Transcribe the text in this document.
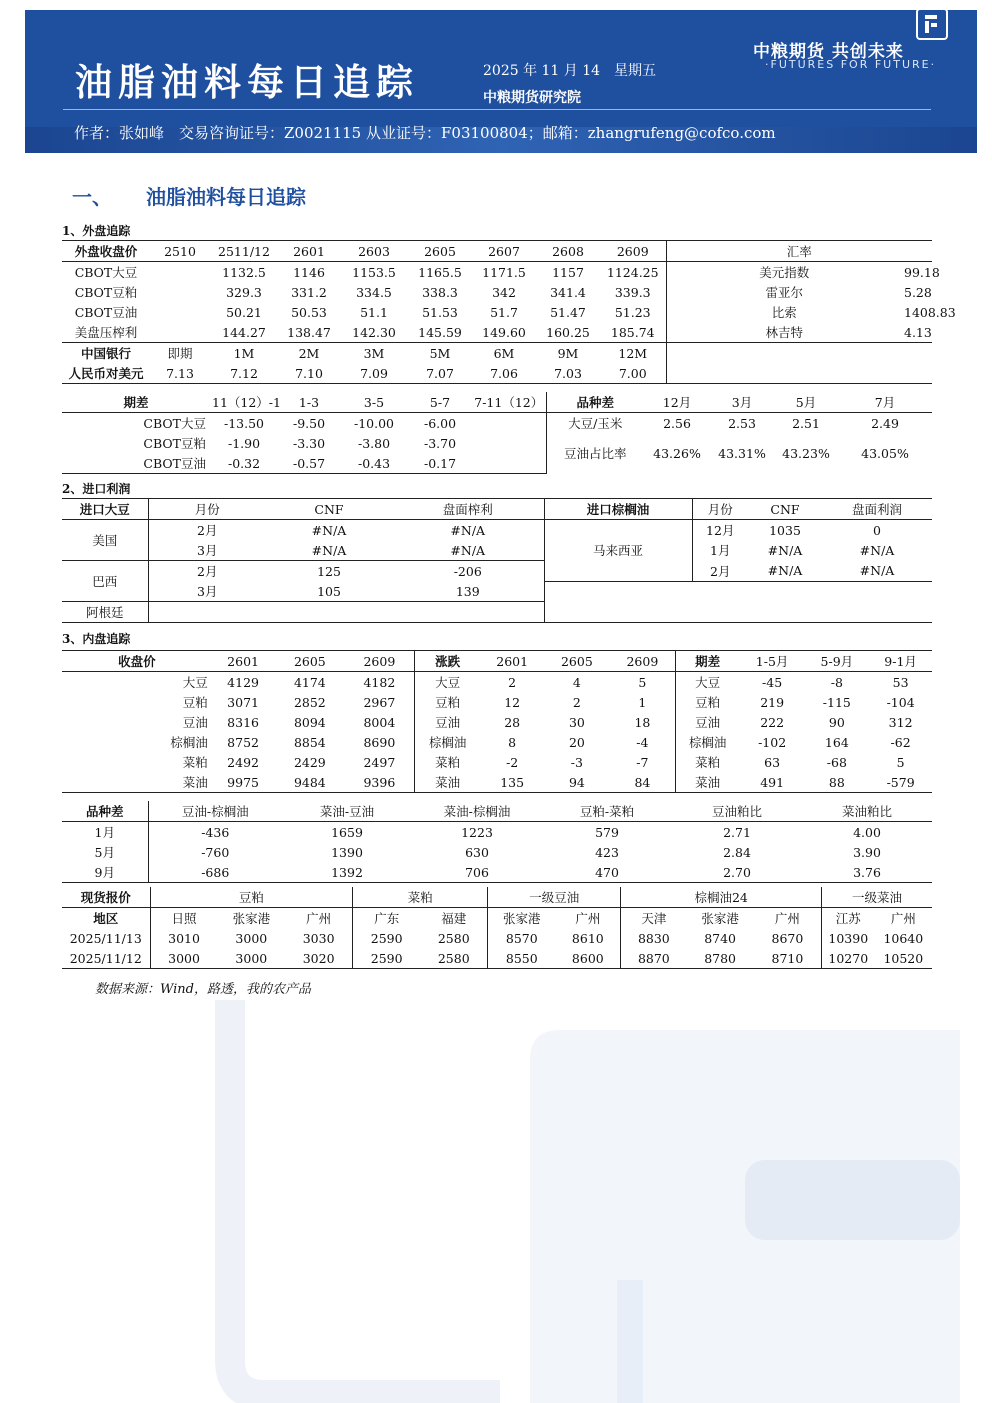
油脂油料每日追踪	2025 年 11 月 14　星期五
中粮期货研究院
中粮期货 共创未来
·FUTURES FOR FUTURE·
作者：张如峰　交易咨询证号：Z0021115 从业证号：F03100804；邮箱：zhangrufeng@cofco.com
一、 油脂油料每日追踪
1、外盘追踪
外盘收盘价	2510	2511/12	2601	2603	2605	2607	2608	2609	汇率	
CBOT大豆		1132.5	1146	1153.5	1165.5	1171.5	1157	1124.25	美元指数	99.18
CBOT豆粕		329.3	331.2	334.5	338.3	342	341.4	339.3	雷亚尔	5.28
CBOT豆油		50.21	50.53	51.1	51.53	51.7	51.47	51.23	比索	1408.83
美盘压榨利		144.27	138.47	142.30	145.59	149.60	160.25	185.74	林吉特	4.13
中国银行	即期	1M	2M	3M	5M	6M	9M	12M		
人民币对美元	7.13	7.12	7.10	7.09	7.07	7.06	7.03	7.00		
期差	11（12）-1	1-3	3-5	5-7	7-11（12）	品种差	12月	3月	5月	7月
CBOT大豆	-13.50	-9.50	-10.00	-6.00		大豆/玉米	2.56	2.53	2.51	2.49
CBOT豆粕	-1.90	-3.30	-3.80	-3.70		豆油占比率	43.26%	43.31%	43.23%	43.05%
CBOT豆油	-0.32	-0.57	-0.43	-0.17						
2、进口利润
进口大豆	月份	CNF	盘面榨利	进口棕榈油	月份	CNF	盘面利润
美国	2月	#N/A	#N/A	马来西亚	12月	1035	0
	3月	#N/A	#N/A		1月	#N/A	#N/A
巴西	2月	125	-206		2月	#N/A	#N/A
	3月	105	139				
阿根廷							
3、内盘追踪
收盘价	2601	2605	2609	涨跌	2601	2605	2609	期差	1-5月	5-9月	9-1月
大豆	4129	4174	4182	大豆	2	4	5	大豆	-45	-8	53
豆粕	3071	2852	2967	豆粕	12	2	1	豆粕	219	-115	-104
豆油	8316	8094	8004	豆油	28	30	18	豆油	222	90	312
棕榈油	8752	8854	8690	棕榈油	8	20	-4	棕榈油	-102	164	-62
菜粕	2492	2429	2497	菜粕	-2	-3	-7	菜粕	63	-68	5
菜油	9975	9484	9396	菜油	135	94	84	菜油	491	88	-579
品种差	豆油-棕榈油	菜油-豆油	菜油-棕榈油	豆粕-菜粕	豆油粕比	菜油粕比
1月	-436	1659	1223	579	2.71	4.00
5月	-760	1390	630	423	2.84	3.90
9月	-686	1392	706	470	2.70	3.76
现货报价	豆粕			菜粕		一级豆油		棕榈油24			一级菜油	
地区	日照	张家港	广州	广东	福建	张家港	广州	天津	张家港	广州	江苏	广州
2025/11/13	3010	3000	3030	2590	2580	8570	8610	8830	8740	8670	10390	10640
2025/11/12	3000	3000	3020	2590	2580	8550	8600	8870	8780	8710	10270	10520
数据来源：Wind，路透，我的农产品
